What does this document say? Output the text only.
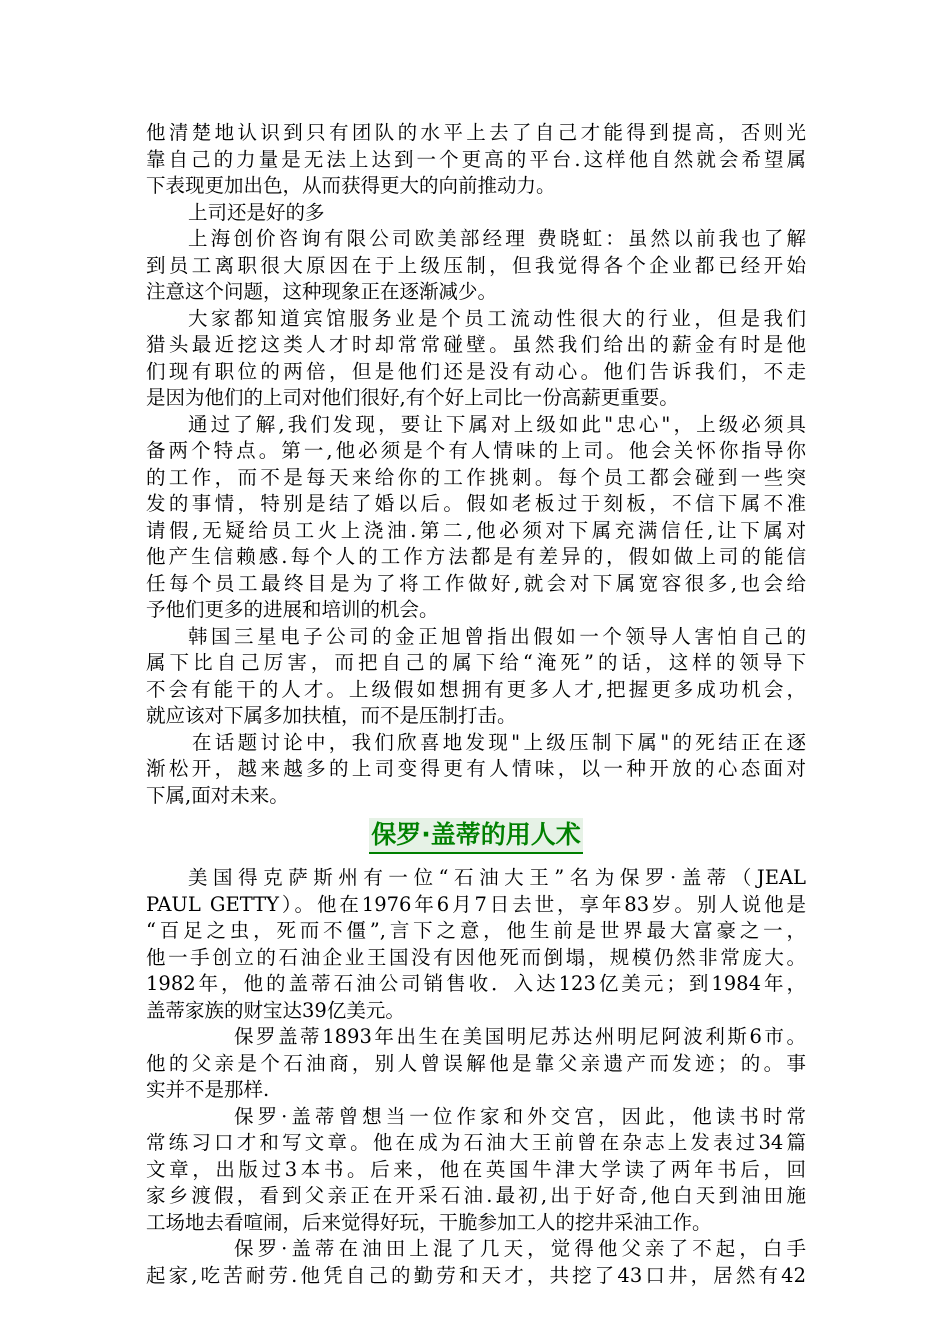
他清楚地认识到只有团队的水平上去了自己才能得到提高，否则光
靠自己的力量是无法上达到一个更高的平台.这样他自然就会希望属
下表现更加出色，从而获得更大的向前推动力。
上司还是好的多
上海创价咨询有限公司欧美部经理 费晓虹：虽然以前我也了解
到员工离职很大原因在于上级压制，但我觉得各个企业都已经开始
注意这个问题，这种现象正在逐渐减少。
大家都知道宾馆服务业是个员工流动性很大的行业，但是我们
猎头最近挖这类人才时却常常碰壁。虽然我们给出的薪金有时是他
们现有职位的两倍，但是他们还是没有动心。他们告诉我们，不走
是因为他们的上司对他们很好,有个好上司比一份高薪更重要。
通过了解,我们发现，要让下属对上级如此"忠心"，上级必须具
备两个特点。第一,他必须是个有人情味的上司。他会关怀你指导你
的工作，而不是每天来给你的工作挑刺。每个员工都会碰到一些突
发的事情，特别是结了婚以后。假如老板过于刻板，不信下属不准
请假,无疑给员工火上浇油.第二,他必须对下属充满信任,让下属对
他产生信赖感.每个人的工作方法都是有差异的，假如做上司的能信
任每个员工最终目是为了将工作做好,就会对下属宽容很多,也会给
予他们更多的进展和培训的机会。
韩国三星电子公司的金正旭曾指出假如一个领导人害怕自己的
属下比自己厉害，而把自己的属下给“淹死”的话，这样的领导下
不会有能干的人才。上级假如想拥有更多人才,把握更多成功机会，
就应该对下属多加扶植，而不是压制打击。
在话题讨论中，我们欣喜地发现"上级压制下属"的死结正在逐
渐松开，越来越多的上司变得更有人情味，以一种开放的心态面对
下属,面对未来。
保罗·盖蒂的用人术
美国得克萨斯州有一位“石油大王”名为保罗·盖蒂（JEAL
PAUL GETTY）。他在1976年6月7日去世，享年83岁。别人说他是
“百足之虫，死而不僵”,言下之意，他生前是世界最大富豪之一，
他一手创立的石油企业王国没有因他死而倒塌，规模仍然非常庞大。
1982年，他的盖蒂石油公司销售收．入达123亿美元；到1984年，
盖蒂家族的财宝达39亿美元。
保罗盖蒂1893年出生在美国明尼苏达州明尼阿波利斯6市。
他的父亲是个石油商，别人曾误解他是靠父亲遗产而发迹；的。事
实并不是那样.
保罗·盖蒂曾想当一位作家和外交宫，因此，他读书时常
常练习口才和写文章。他在成为石油大王前曾在杂志上发表过34篇
文章，出版过3本书。后来，他在英国牛津大学读了两年书后，回
家乡渡假，看到父亲正在开采石油.最初,出于好奇,他白天到油田施
工场地去看喧闹，后来觉得好玩，干脆参加工人的挖井采油工作。
保罗·盖蒂在油田上混了几天，觉得他父亲了不起，白手
起家,吃苦耐劳.他凭自己的勤劳和天才，共挖了43口井，居然有42
